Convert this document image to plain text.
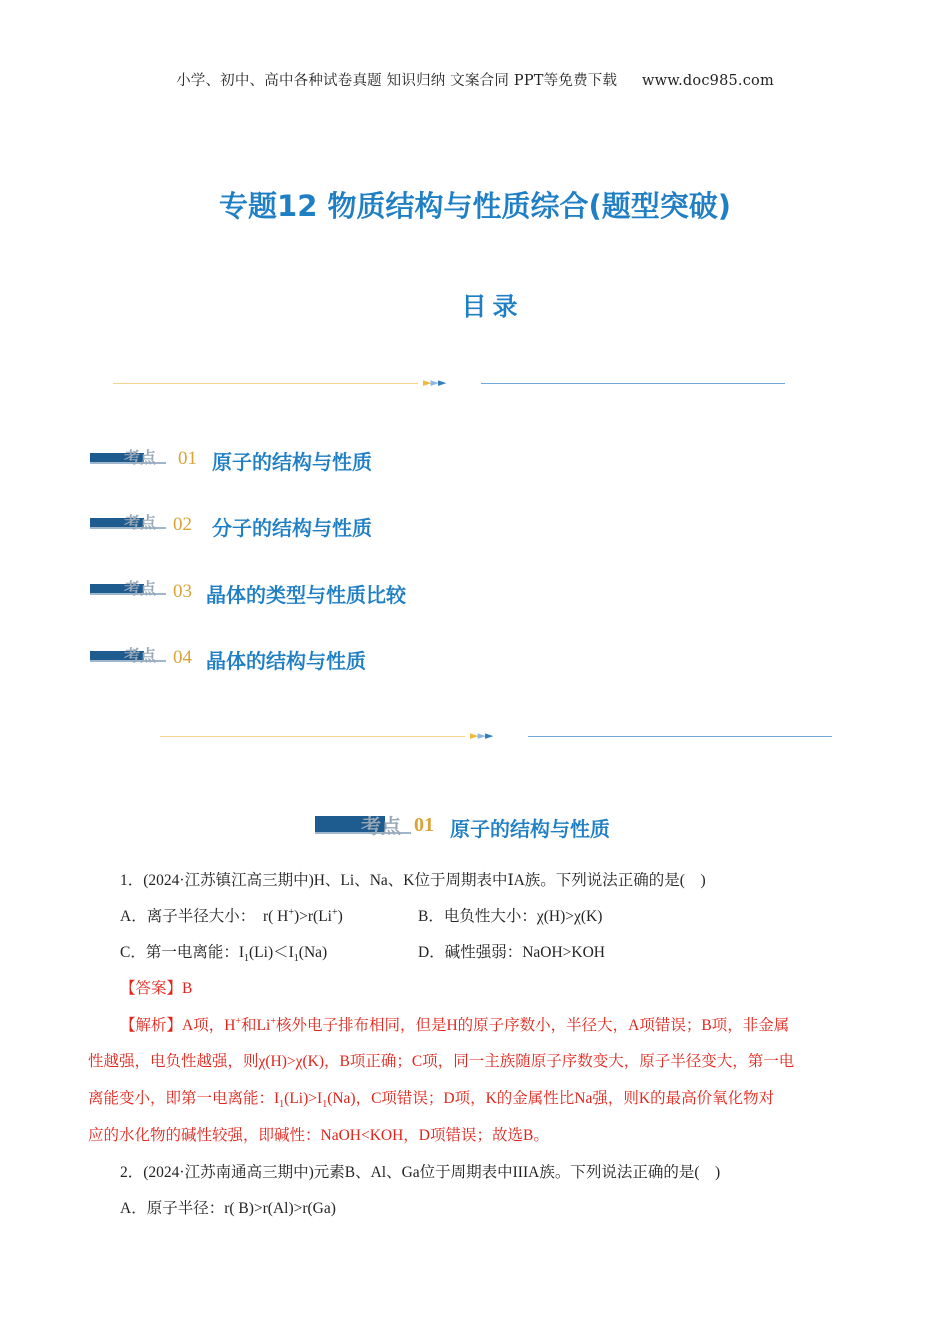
小学、初中、高中各种试卷真题 知识归纳 文案合同 PPT等免费下载 www.doc985.com
专题12 物质结构与性质综合(题型突破)
目录
►►►
考点 01 原子的结构与性质
考点 02 分子的结构与性质
考点 03 晶体的类型与性质比较
考点 04 晶体的结构与性质
►►►
考点 01 原子的结构与性质
1．(2024·江苏镇江高三期中)H、Li、Na、K位于周期表中ⅠA族。下列说法正确的是(　)
A．离子半径大小：　r( H+)>r(Li+)	B．电负性大小：χ(H)>χ(K)
C．第一电离能：$I_1(Li)<I_1(Na)$	D．碱性强弱：NaOH>KOH
【答案】B
【解析】A项，H+和Li+核外电子排布相同，但是H的原子序数小，半径大，A项错误；B项，非金属
性越强，电负性越强，则χ(H)>χ(K)，B项正确；C项，同一主族随原子序数变大，原子半径变大，第一电
离能变小，即第一电离能：$I_1(Li)>I_1(Na)$，C项错误；D项，K的金属性比Na强，则K的最高价氧化物对
应的水化物的碱性较强，即碱性：NaOH<KOH，D项错误；故选B。
2．(2024·江苏南通高三期中)元素B、Al、Ga位于周期表中IIIA族。下列说法正确的是(　)
A．原子半径：r( B)>r(Al)>r(Ga)
